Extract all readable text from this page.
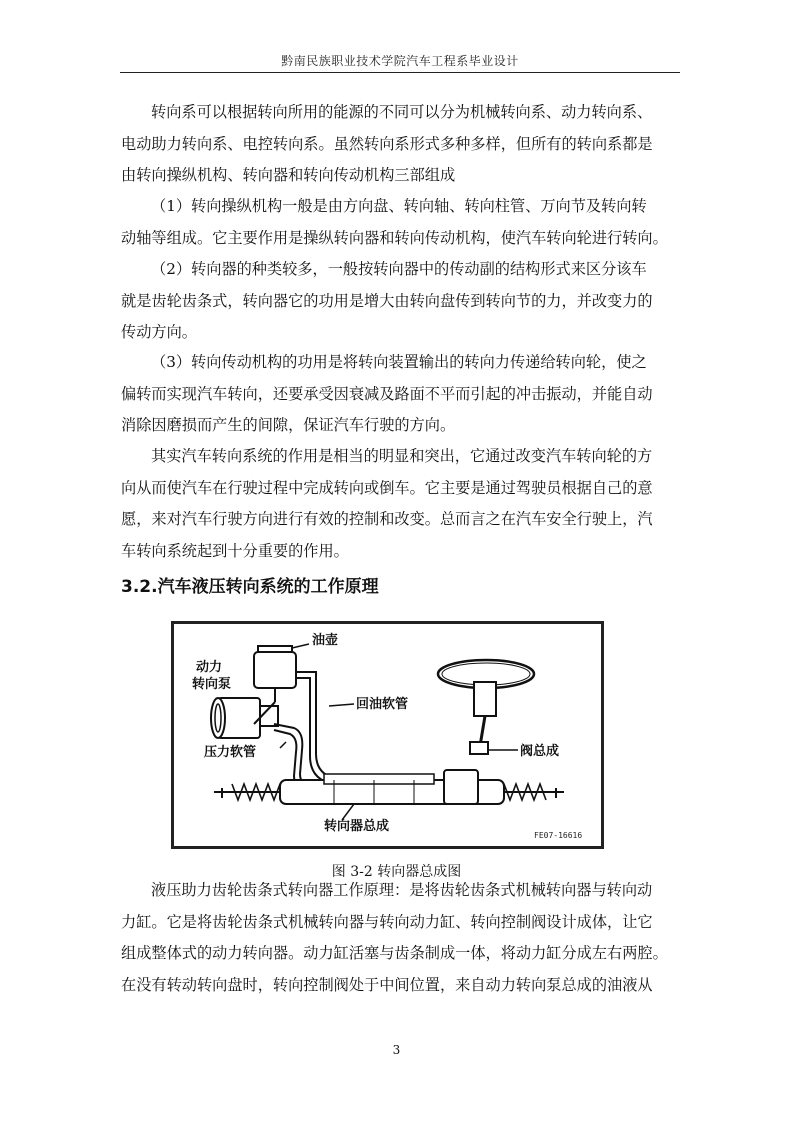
黔南民族职业技术学院汽车工程系毕业设计
转向系可以根据转向所用的能源的不同可以分为机械转向系、动力转向系、
电动助力转向系、电控转向系。虽然转向系形式多种多样，但所有的转向系都是
由转向操纵机构、转向器和转向传动机构三部组成
（1）转向操纵机构一般是由方向盘、转向轴、转向柱管、万向节及转向转
动轴等组成。它主要作用是操纵转向器和转向传动机构，使汽车转向轮进行转向。
（2）转向器的种类较多，一般按转向器中的传动副的结构形式来区分该车
就是齿轮齿条式，转向器它的功用是增大由转向盘传到转向节的力，并改变力的
传动方向。
（3）转向传动机构的功用是将转向装置输出的转向力传递给转向轮，使之
偏转而实现汽车转向，还要承受因衰减及路面不平而引起的冲击振动，并能自动
消除因磨损而产生的间隙，保证汽车行驶的方向。
其实汽车转向系统的作用是相当的明显和突出，它通过改变汽车转向轮的方
向从而使汽车在行驶过程中完成转向或倒车。它主要是通过驾驶员根据自己的意
愿，来对汽车行驶方向进行有效的控制和改变。总而言之在汽车安全行驶上，汽
车转向系统起到十分重要的作用。
3.2.汽车液压转向系统的工作原理
油壶
动力
转向泵
回油软管
压力软管	阀总成
转向器总成
FE07-16616
图 3-2 转向器总成图
液压助力齿轮齿条式转向器工作原理：是将齿轮齿条式机械转向器与转向动
力缸。它是将齿轮齿条式机械转向器与转向动力缸、转向控制阀设计成体，让它
组成整体式的动力转向器。动力缸活塞与齿条制成一体，将动力缸分成左右两腔。
在没有转动转向盘时，转向控制阀处于中间位置，来自动力转向泵总成的油液从
3
